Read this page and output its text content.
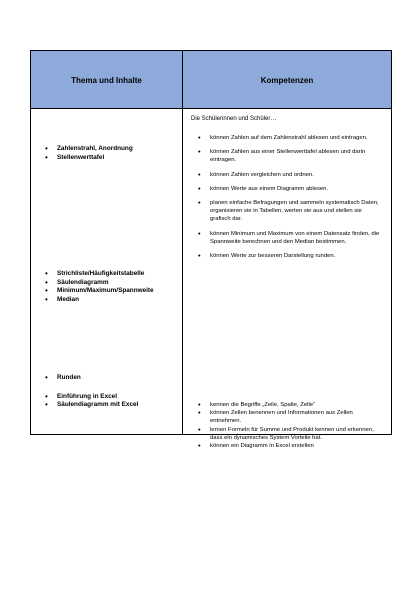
Thema und Inhalte	Kompetenzen
• Zahlenstrahl, Anordnung
• Stellenwerttafel
• Strichliste/Häufigkeitstabelle
• Säulendiagramm
• Minimum/Maximum/Spannweite
• Median
• Runden
• Einführung in Excel
• Säulendiagramm mit Excel
Die Schülerinnen und Schüler…
• können Zahlen auf dem Zahlenstrahl ablesen und eintragen.
• können Zahlen aus einer Stellenwerttafel ablesen und darin eintragen.
• können Zahlen vergleichen und ordnen.
• können Werte aus einem Diagramm ablesen.
• planen einfache Befragungen und sammeln systematisch Daten, organisieren sie in Tabellen, werten sie aus und stellen sie grafisch dar.
• können Minimum und Maximum von einem Datensatz finden, die Spannweite berechnen und den Median bestimmen.
• können Werte zur besseren Darstellung runden.
• kennen die Begriffe „Zeile, Spalte, Zelle“
• können Zellen benennen und Informationen aus Zellen entnehmen.
• lernen Formeln für Summe und Produkt kennen und erkennen, dass ein dynamisches System Vorteile hat.
• können ein Diagramm in Excel erstellen
